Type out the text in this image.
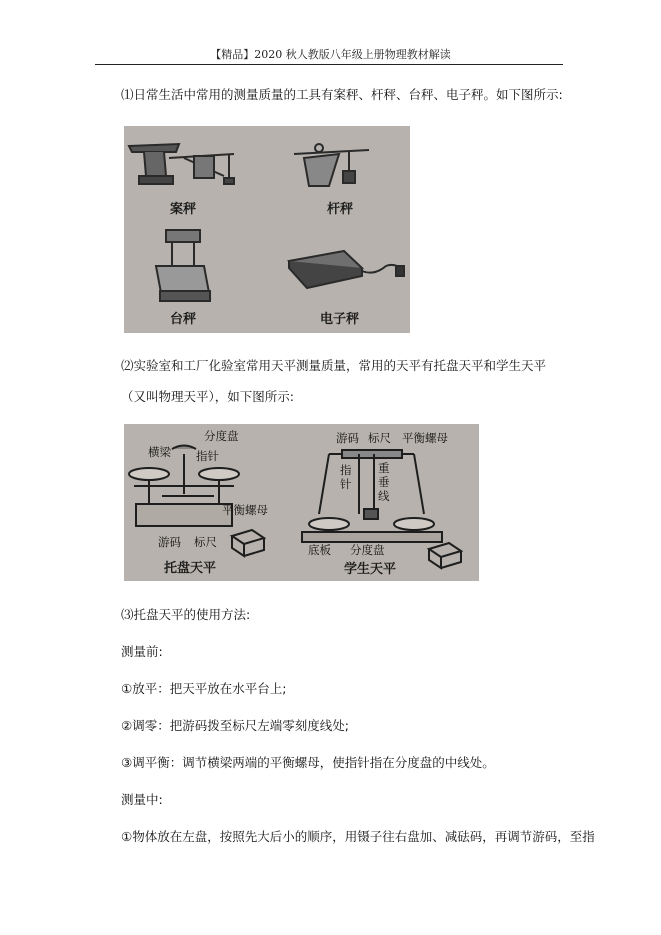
【精品】2020 秋人教版八年级上册物理教材解读
⑴日常生活中常用的测量质量的工具有案秤、杆秤、台秤、电子秤。如下图所示:
案秤	杆秤
台秤	电子秤
⑵实验室和工厂化验室常用天平测量质量，常用的天平有托盘天平和学生天平（又叫物理天平），如下图所示:
分度盘
横梁 指针
平衡螺母
游码 标尺
托盘天平
游码 标尺 平衡螺母
指
针
重
垂
线
底板 分度盘
学生天平
⑶托盘天平的使用方法:
测量前:
①放平：把天平放在水平台上;
②调零：把游码拨至标尺左端零刻度线处;
③调平衡：调节横梁两端的平衡螺母，使指针指在分度盘的中线处。
测量中:
①物体放在左盘，按照先大后小的顺序，用镊子往右盘加、减砝码，再调节游码，至指
